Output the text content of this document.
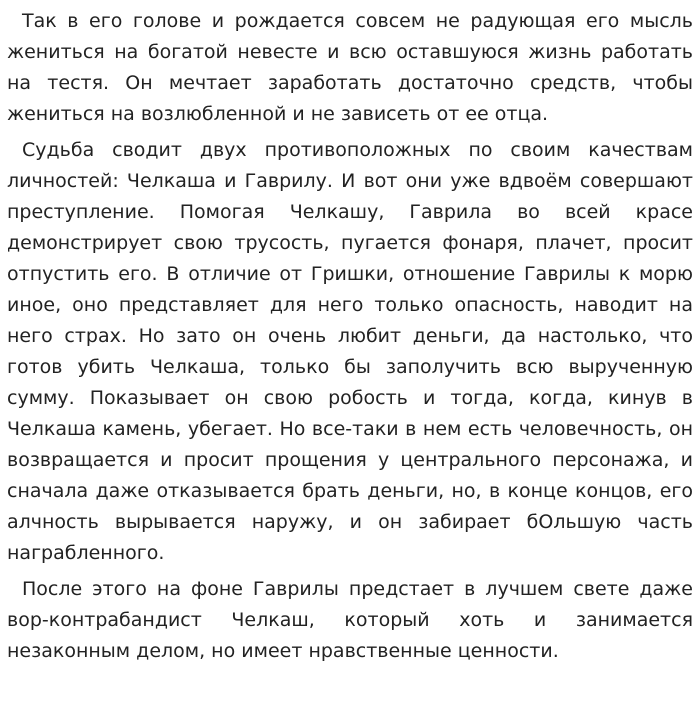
Так в его голове и рождается совсем не радующая его мысль жениться на богатой невесте и всю оставшуюся жизнь работать на тестя. Он мечтает заработать достаточно средств, чтобы жениться на возлюбленной и не зависеть от ее отца.

Судьба сводит двух противоположных по своим качествам личностей: Челкаша и Гаврилу. И вот они уже вдвоём совершают преступление. Помогая Челкашу, Гаврила во всей красе демонстрирует свою трусость, пугается фонаря, плачет, просит отпустить его. В отличие от Гришки, отношение Гаврилы к морю иное, оно представляет для него только опасность, наводит на него страх. Но зато он очень любит деньги, да настолько, что готов убить Челкаша, только бы заполучить всю вырученную сумму. Показывает он свою робость и тогда, когда, кинув в Челкаша камень, убегает. Но все-таки в нем есть человечность, он возвращается и просит прощения у центрального персонажа, и сначала даже отказывается брать деньги, но, в конце концов, его алчность вырывается наружу, и он забирает бОльшую часть награбленного.

После этого на фоне Гаврилы предстает в лучшем свете даже вор-контрабандист Челкаш, который хоть и занимается незаконным делом, но имеет нравственные ценности.
